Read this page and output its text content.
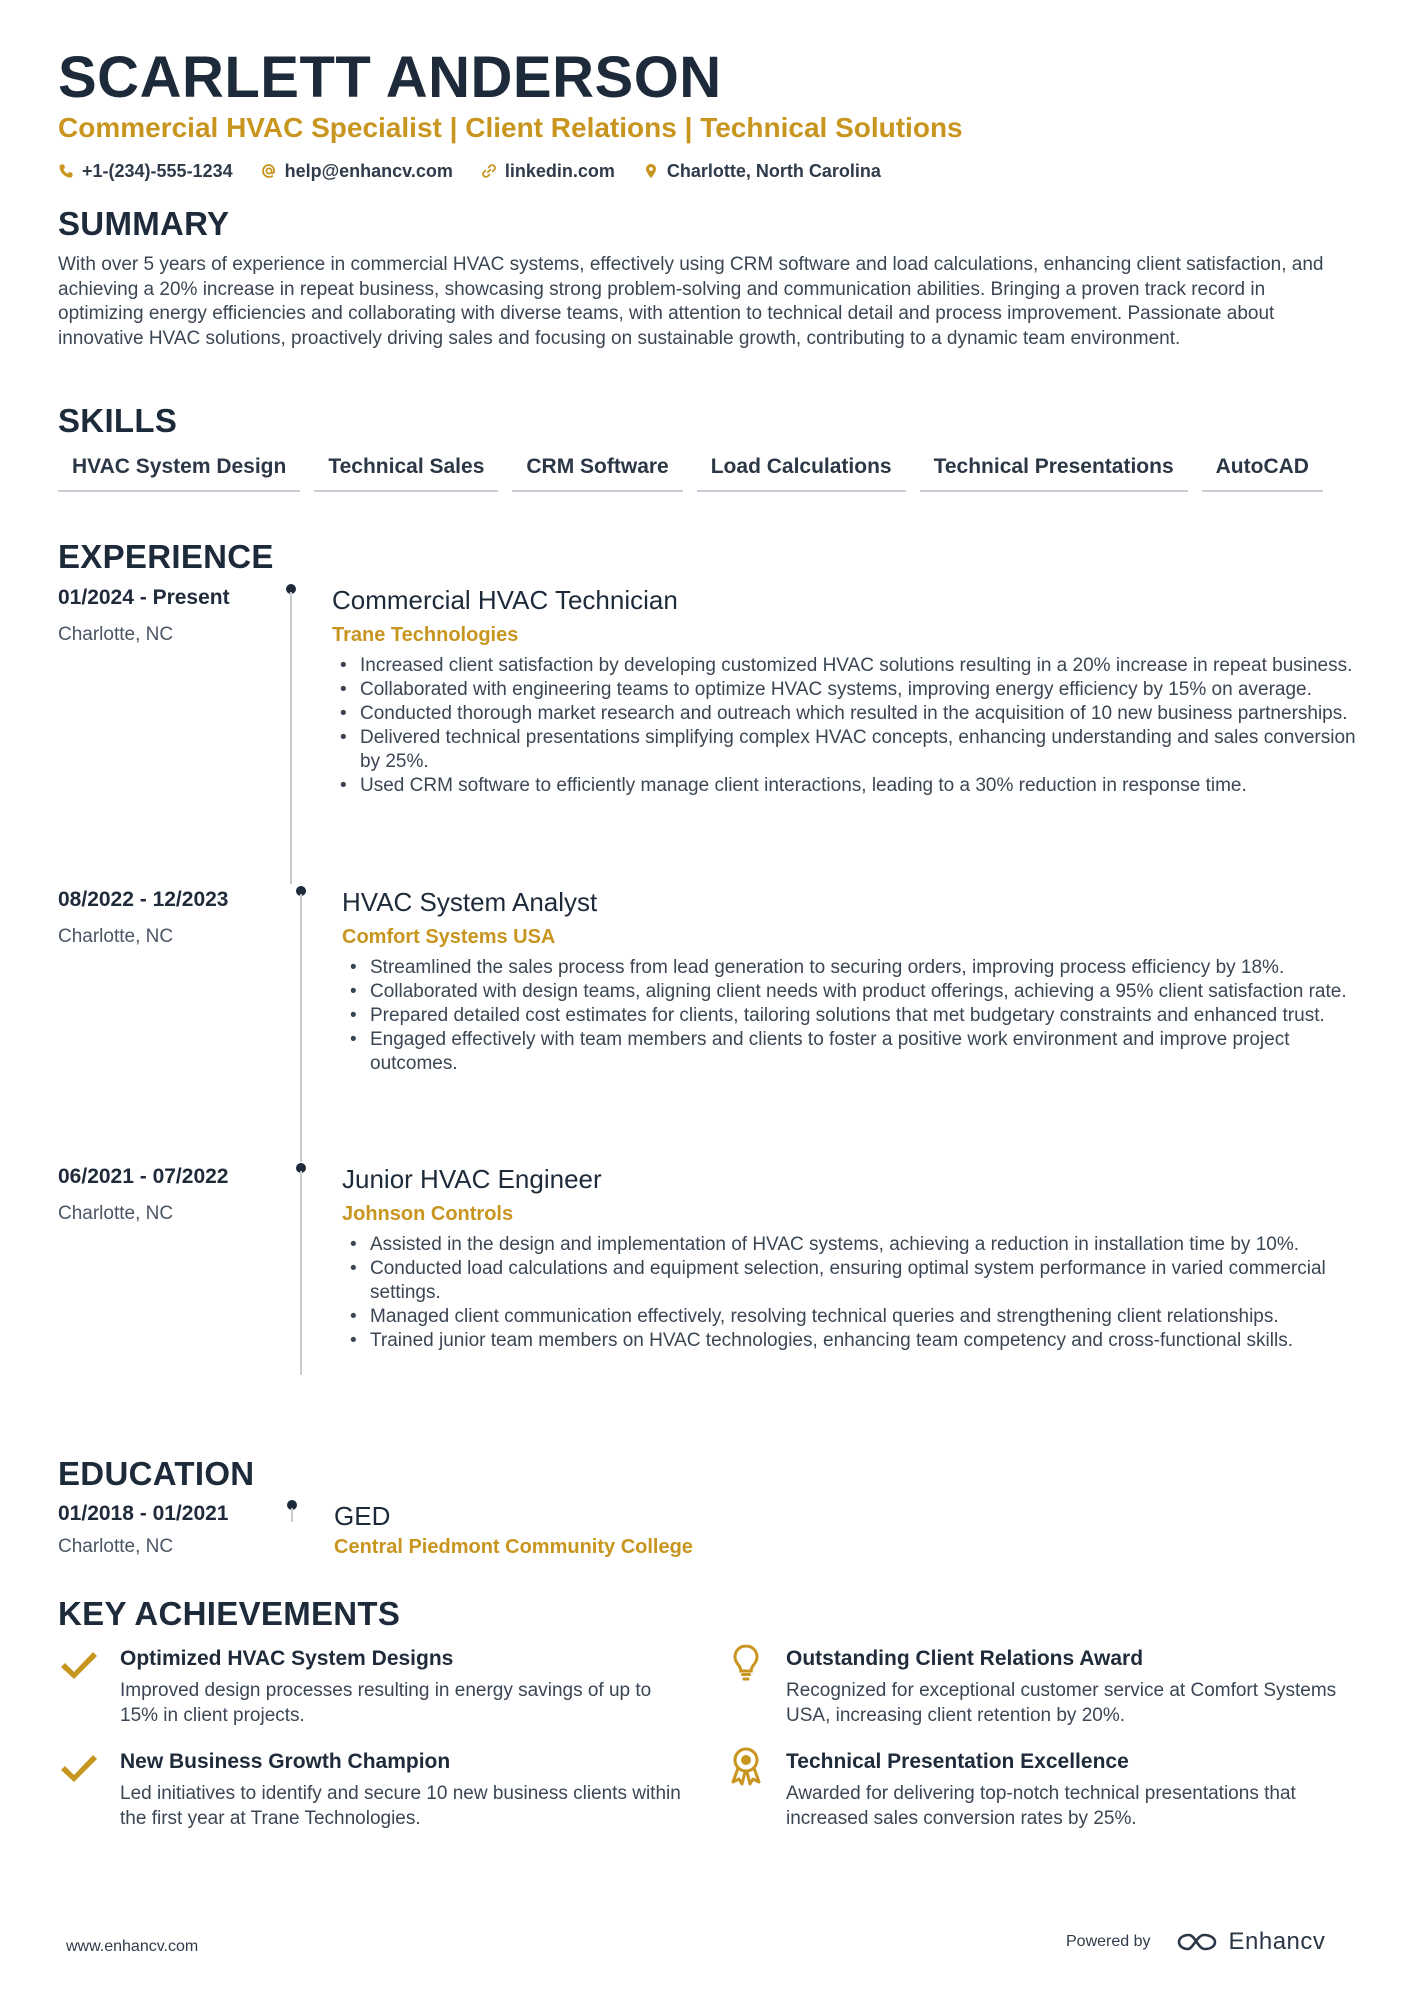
SCARLETT ANDERSON
Commercial HVAC Specialist | Client Relations | Technical Solutions
+1-(234)-555-1234	help@enhancv.com	linkedin.com	Charlotte, North Carolina
SUMMARY
With over 5 years of experience in commercial HVAC systems, effectively using CRM software and load calculations, enhancing client satisfaction, and achieving a 20% increase in repeat business, showcasing strong problem-solving and communication abilities. Bringing a proven track record in optimizing energy efficiencies and collaborating with diverse teams, with attention to technical detail and process improvement. Passionate about innovative HVAC solutions, proactively driving sales and focusing on sustainable growth, contributing to a dynamic team environment.
SKILLS
HVAC System Design	Technical Sales	CRM Software	Load Calculations	Technical Presentations	AutoCAD
EXPERIENCE
01/2024 - Present
Charlotte, NC
Commercial HVAC Technician
Trane Technologies
• Increased client satisfaction by developing customized HVAC solutions resulting in a 20% increase in repeat business.
• Collaborated with engineering teams to optimize HVAC systems, improving energy efficiency by 15% on average.
• Conducted thorough market research and outreach which resulted in the acquisition of 10 new business partnerships.
• Delivered technical presentations simplifying complex HVAC concepts, enhancing understanding and sales conversion by 25%.
• Used CRM software to efficiently manage client interactions, leading to a 30% reduction in response time.
08/2022 - 12/2023
Charlotte, NC
HVAC System Analyst
Comfort Systems USA
• Streamlined the sales process from lead generation to securing orders, improving process efficiency by 18%.
• Collaborated with design teams, aligning client needs with product offerings, achieving a 95% client satisfaction rate.
• Prepared detailed cost estimates for clients, tailoring solutions that met budgetary constraints and enhanced trust.
• Engaged effectively with team members and clients to foster a positive work environment and improve project outcomes.
06/2021 - 07/2022
Charlotte, NC
Junior HVAC Engineer
Johnson Controls
• Assisted in the design and implementation of HVAC systems, achieving a reduction in installation time by 10%.
• Conducted load calculations and equipment selection, ensuring optimal system performance in varied commercial settings.
• Managed client communication effectively, resolving technical queries and strengthening client relationships.
• Trained junior team members on HVAC technologies, enhancing team competency and cross-functional skills.
EDUCATION
01/2018 - 01/2021
Charlotte, NC
GED
Central Piedmont Community College
KEY ACHIEVEMENTS
Optimized HVAC System Designs
Improved design processes resulting in energy savings of up to 15% in client projects.
Outstanding Client Relations Award
Recognized for exceptional customer service at Comfort Systems USA, increasing client retention by 20%.
New Business Growth Champion
Led initiatives to identify and secure 10 new business clients within the first year at Trane Technologies.
Technical Presentation Excellence
Awarded for delivering top-notch technical presentations that increased sales conversion rates by 25%.
www.enhancv.com	Powered by	Enhancv
